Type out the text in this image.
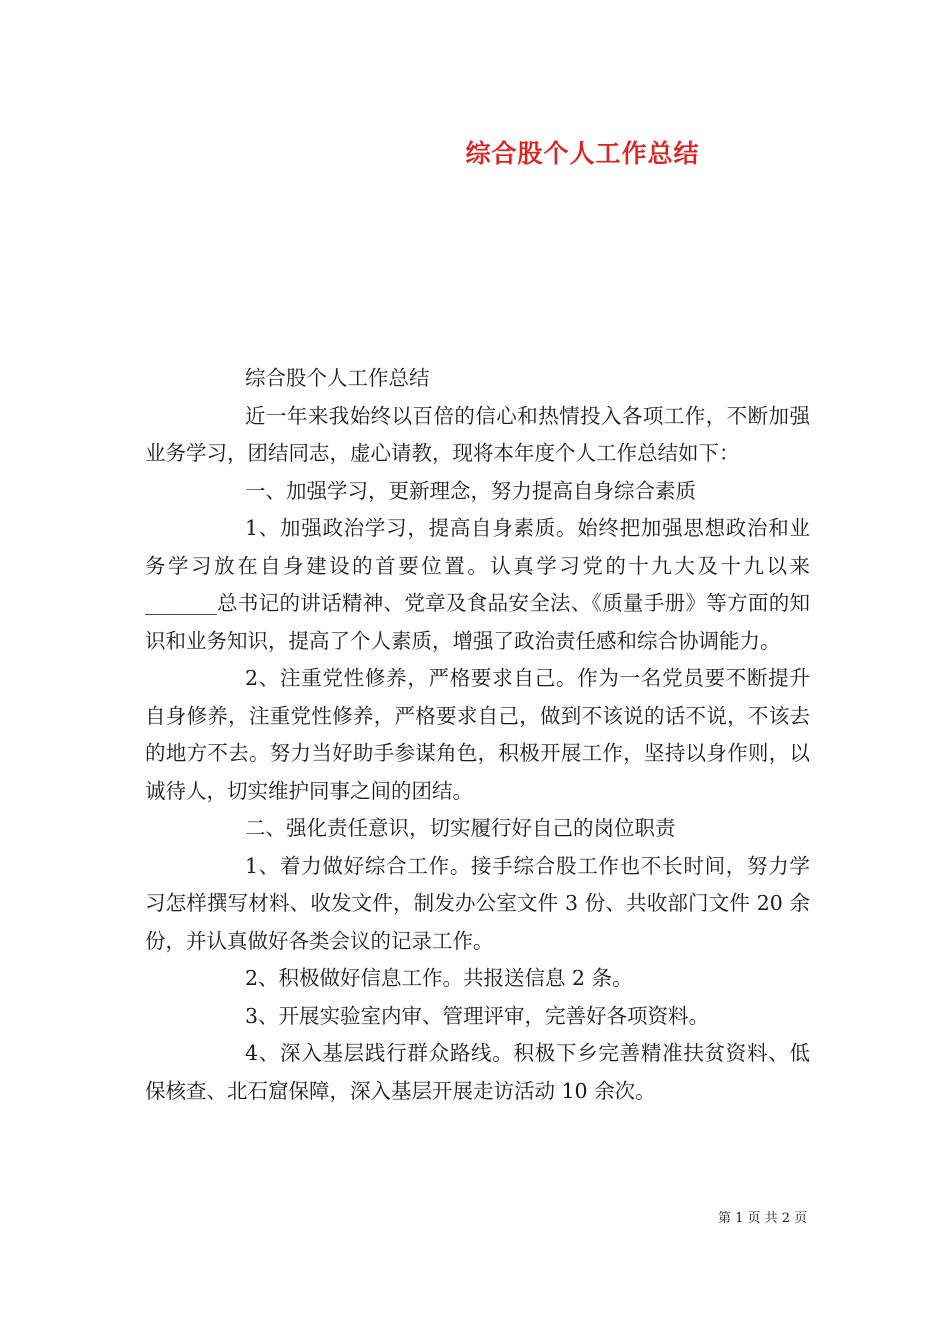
综合股个人工作总结

综合股个人工作总结

近一年来我始终以百倍的信心和热情投入各项工作，不断加强业务学习，团结同志，虚心请教，现将本年度个人工作总结如下：

一、加强学习，更新理念，努力提高自身综合素质

1、加强政治学习，提高自身素质。始终把加强思想政治和业务学习放在自身建设的首要位置。认真学习党的十九大及十九以来_______总书记的讲话精神、党章及食品安全法、《质量手册》等方面的知识和业务知识，提高了个人素质，增强了政治责任感和综合协调能力。

2、注重党性修养，严格要求自己。作为一名党员要不断提升自身修养，注重党性修养，严格要求自己，做到不该说的话不说，不该去的地方不去。努力当好助手参谋角色，积极开展工作，坚持以身作则，以诚待人，切实维护同事之间的团结。

二、强化责任意识，切实履行好自己的岗位职责

1、着力做好综合工作。接手综合股工作也不长时间，努力学习怎样撰写材料、收发文件，制发办公室文件 3 份、共收部门文件 20 余份，并认真做好各类会议的记录工作。

2、积极做好信息工作。共报送信息 2 条。

3、开展实验室内审、管理评审，完善好各项资料。

4、深入基层践行群众路线。积极下乡完善精准扶贫资料、低保核查、北石窟保障，深入基层开展走访活动 10 余次。

第 1 页 共 2 页
